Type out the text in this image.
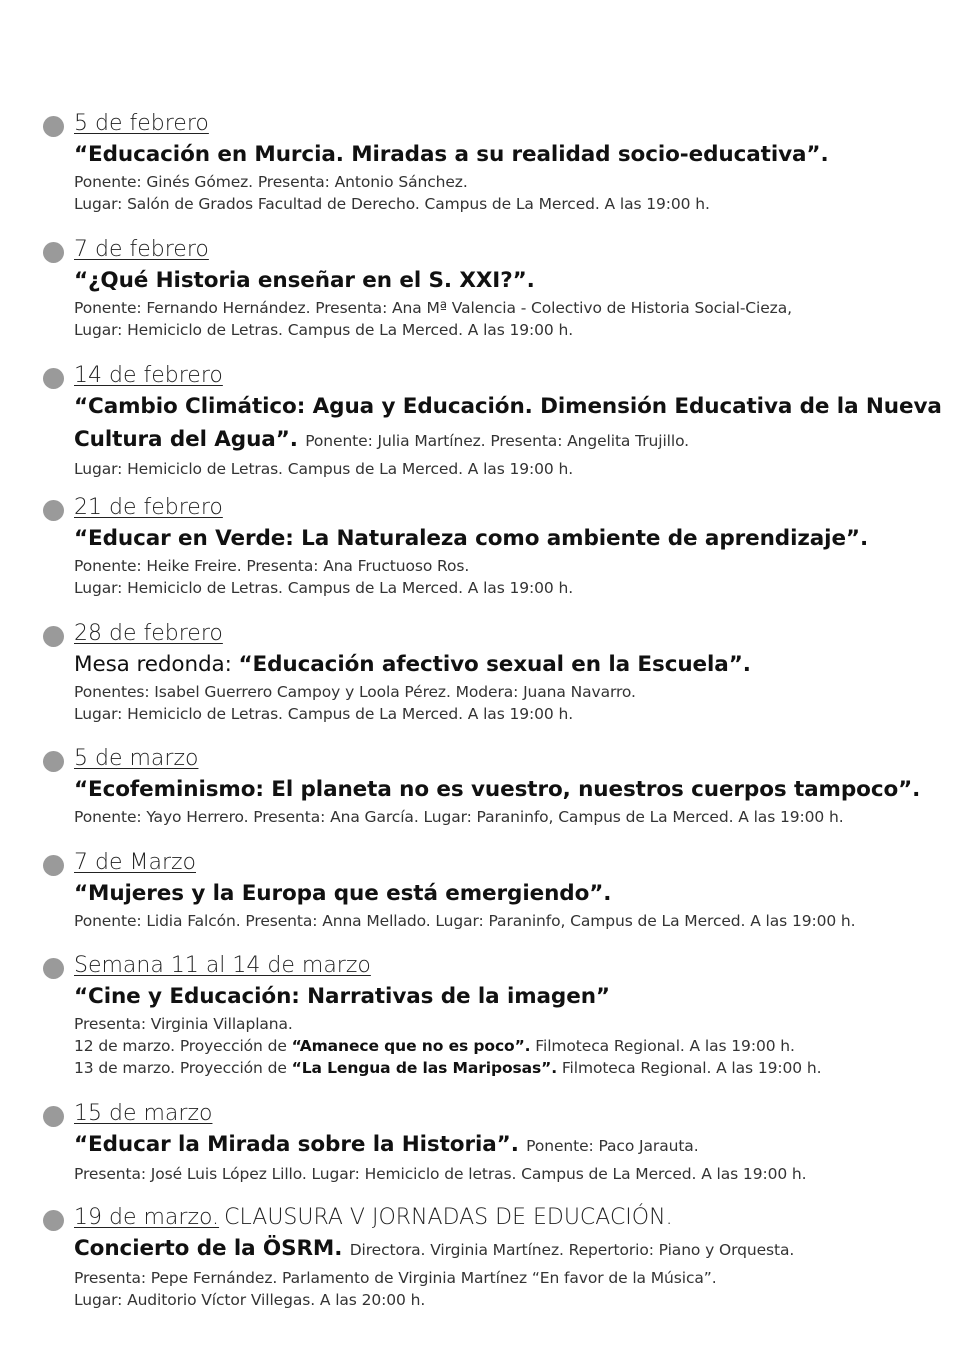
5 de febrero
“Educación en Murcia. Miradas a su realidad socio-educativa”.
Ponente: Ginés Gómez. Presenta: Antonio Sánchez.
Lugar: Salón de Grados Facultad de Derecho. Campus de La Merced. A las 19:00 h.
7 de febrero
“¿Qué Historia enseñar en el S. XXI?”.
Ponente: Fernando Hernández. Presenta: Ana Mª Valencia - Colectivo de Historia Social-Cieza,
Lugar: Hemiciclo de Letras. Campus de La Merced. A las 19:00 h.
14 de febrero
“Cambio Climático: Agua y Educación. Dimensión Educativa de la Nueva
Cultura del Agua”. Ponente: Julia Martínez. Presenta: Angelita Trujillo.
Lugar: Hemiciclo de Letras. Campus de La Merced. A las 19:00 h.
21 de febrero
“Educar en Verde: La Naturaleza como ambiente de aprendizaje”.
Ponente: Heike Freire. Presenta: Ana Fructuoso Ros.
Lugar: Hemiciclo de Letras. Campus de La Merced. A las 19:00 h.
28 de febrero
Mesa redonda: “Educación afectivo sexual en la Escuela”.
Ponentes: Isabel Guerrero Campoy y Loola Pérez. Modera: Juana Navarro.
Lugar: Hemiciclo de Letras. Campus de La Merced. A las 19:00 h.
5 de marzo
“Ecofeminismo: El planeta no es vuestro, nuestros cuerpos tampoco”.
Ponente: Yayo Herrero. Presenta: Ana García. Lugar: Paraninfo, Campus de La Merced. A las 19:00 h.
7 de Marzo
“Mujeres y la Europa que está emergiendo”.
Ponente: Lidia Falcón. Presenta: Anna Mellado. Lugar: Paraninfo, Campus de La Merced. A las 19:00 h.
Semana 11 al 14 de marzo
“Cine y Educación: Narrativas de la imagen”
Presenta: Virginia Villaplana.
12 de marzo. Proyección de “Amanece que no es poco”. Filmoteca Regional. A las 19:00 h.
13 de marzo. Proyección de “La Lengua de las Mariposas”. Filmoteca Regional. A las 19:00 h.
15 de marzo
“Educar la Mirada sobre la Historia”. Ponente: Paco Jarauta.
Presenta: José Luis López Lillo. Lugar: Hemiciclo de letras. Campus de La Merced. A las 19:00 h.
19 de marzo. CLAUSURA V JORNADAS DE EDUCACIÓN.
Concierto de la ÖSRM. Directora. Virginia Martínez. Repertorio: Piano y Orquesta.
Presenta: Pepe Fernández. Parlamento de Virginia Martínez “En favor de la Música”.
Lugar: Auditorio Víctor Villegas. A las 20:00 h.
